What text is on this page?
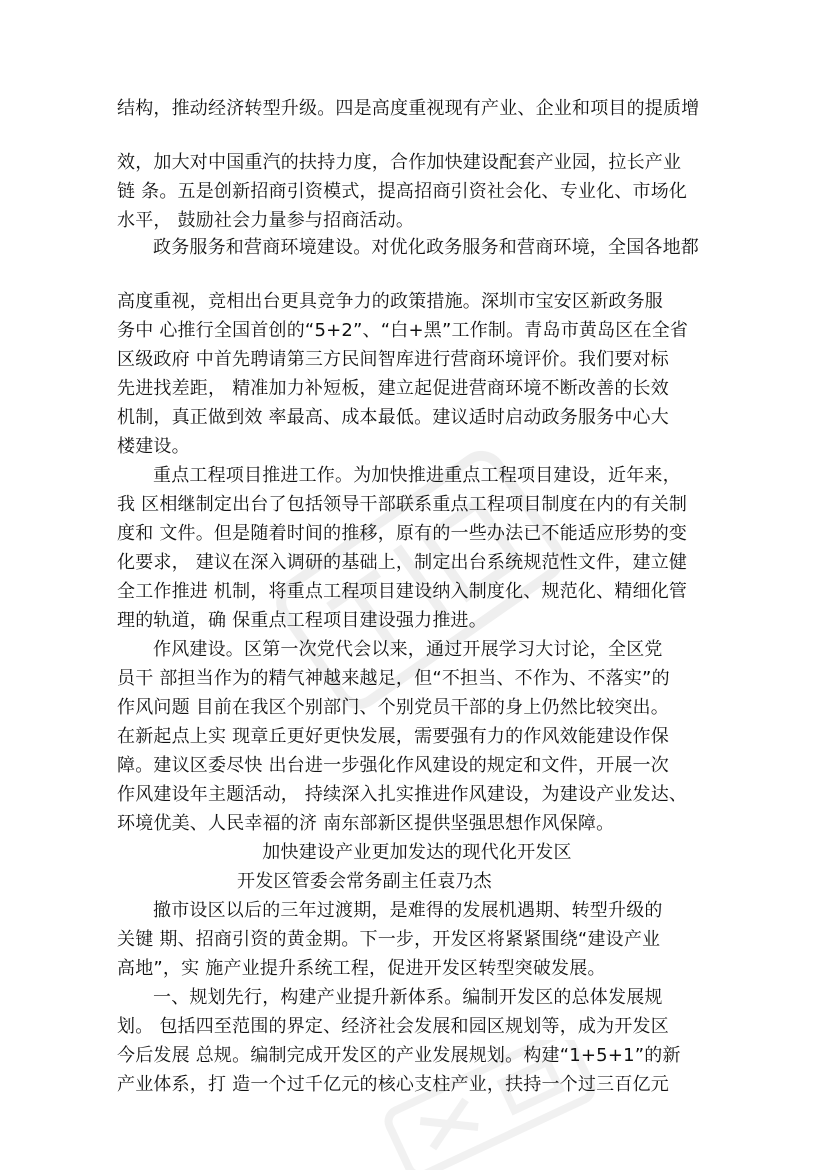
结构，推动经济转型升级。四是高度重视现有产业、企业和项目的提质增
效，加大对中国重汽的扶持力度，合作加快建设配套产业园，拉长产业
链 条。五是创新招商引资模式，提高招商引资社会化、专业化、市场化
水平， 鼓励社会力量参与招商活动。
政务服务和营商环境建设。对优化政务服务和营商环境，全国各地都
高度重视，竞相出台更具竞争力的政策措施。深圳市宝安区新政务服
务中 心推行全国首创的“5+2”、“白+黑”工作制。青岛市黄岛区在全省
区级政府 中首先聘请第三方民间智库进行营商环境评价。我们要对标
先进找差距， 精准加力补短板，建立起促进营商环境不断改善的长效
机制，真正做到效 率最高、成本最低。建议适时启动政务服务中心大
楼建设。
重点工程项目推进工作。为加快推进重点工程项目建设，近年来，
我 区相继制定出台了包括领导干部联系重点工程项目制度在内的有关制
度和 文件。但是随着时间的推移，原有的一些办法已不能适应形势的变
化要求， 建议在深入调研的基础上，制定出台系统规范性文件，建立健
全工作推进 机制，将重点工程项目建设纳入制度化、规范化、精细化管
理的轨道，确 保重点工程项目建设强力推进。
作风建设。区第一次党代会以来，通过开展学习大讨论，全区党
员干 部担当作为的精气神越来越足，但“不担当、不作为、不落实”的
作风问题 目前在我区个别部门、个别党员干部的身上仍然比较突出。
在新起点上实 现章丘更好更快发展，需要强有力的作风效能建设作保
障。建议区委尽快 出台进一步强化作风建设的规定和文件，开展一次
作风建设年主题活动， 持续深入扎实推进作风建设，为建设产业发达、
环境优美、人民幸福的济 南东部新区提供坚强思想作风保障。
加快建设产业更加发达的现代化开发区
开发区管委会常务副主任袁乃杰
撤市设区以后的三年过渡期，是难得的发展机遇期、转型升级的
关键 期、招商引资的黄金期。下一步，开发区将紧紧围绕“建设产业
高地”，实 施产业提升系统工程，促进开发区转型突破发展。
一、规划先行，构建产业提升新体系。编制开发区的总体发展规
划。 包括四至范围的界定、经济社会发展和园区规划等，成为开发区
今后发展 总规。编制完成开发区的产业发展规划。构建“1+5+1”的新
产业体系，打 造一个过千亿元的核心支柱产业，扶持一个过三百亿元
